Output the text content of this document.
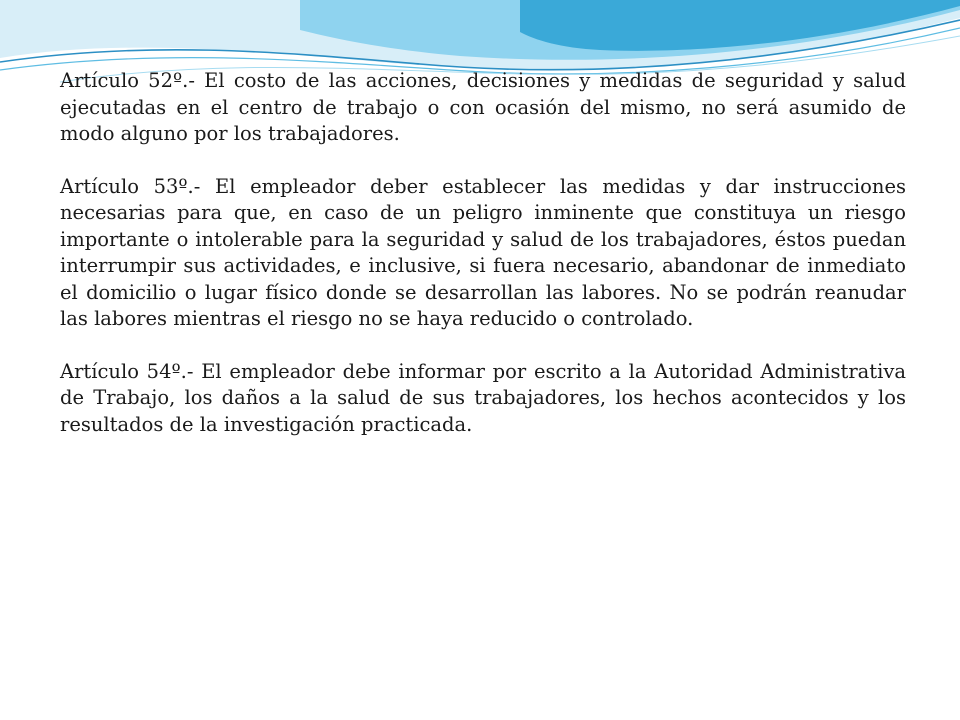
Artículo 52º.- El costo de las acciones, decisiones y medidas de seguridad y salud ejecutadas en el centro de trabajo o con ocasión del mismo, no será asumido de modo alguno por los trabajadores.

Artículo 53º.- El empleador deber establecer las medidas y dar instrucciones necesarias para que, en caso de un peligro inminente que constituya un riesgo importante o intolerable para la seguridad y salud de los trabajadores, éstos puedan interrumpir sus actividades, e inclusive, si fuera necesario, abandonar de inmediato el domicilio o lugar físico donde se desarrollan las labores. No se podrán reanudar las labores mientras el riesgo no se haya reducido o controlado.

Artículo 54º.- El empleador debe informar por escrito a la Autoridad Administrativa de Trabajo, los daños a la salud de sus trabajadores, los hechos acontecidos y los resultados de la investigación practicada.
